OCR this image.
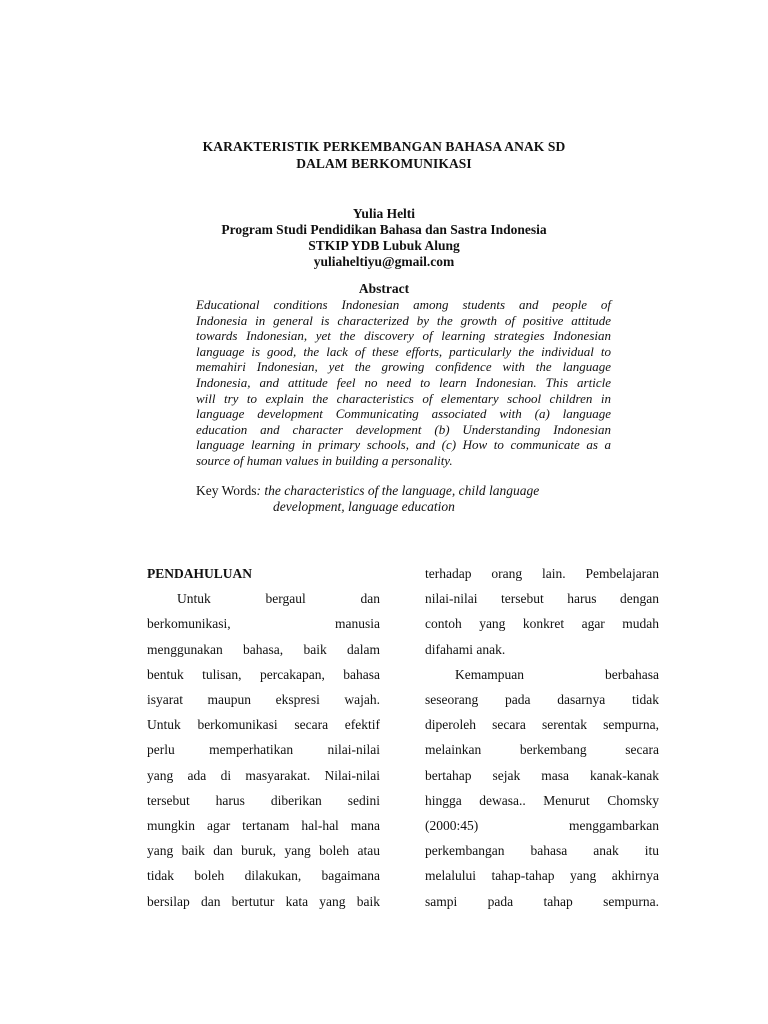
KARAKTERISTIK PERKEMBANGAN BAHASA ANAK SD
DALAM BERKOMUNIKASI
Yulia Helti
Program Studi Pendidikan Bahasa dan Sastra Indonesia
STKIP YDB Lubuk Alung
yuliaheltiyu@gmail.com
Abstract
Educational conditions Indonesian among students and people of
Indonesia in general is characterized by the growth of positive attitude
towards Indonesian, yet the discovery of learning strategies Indonesian
language is good, the lack of these efforts, particularly the individual to
memahiri Indonesian, yet the growing confidence with the language
Indonesia, and attitude feel no need to learn Indonesian. This article
will try to explain the characteristics of elementary school children in
language development Communicating associated with (a) language
education and character development (b) Understanding Indonesian
language learning in primary schools, and (c) How to communicate as a
source of human values in building a personality.
Key Words: the characteristics of the language, child language
development, language education
PENDAHULUAN
Untuk bergaul dan
berkomunikasi, manusia
menggunakan bahasa, baik dalam
bentuk tulisan, percakapan, bahasa
isyarat maupun ekspresi wajah.
Untuk berkomunikasi secara efektif
perlu memperhatikan nilai-nilai
yang ada di masyarakat. Nilai-nilai
tersebut harus diberikan sedini
mungkin agar tertanam hal-hal mana
yang baik dan buruk, yang boleh atau
tidak boleh dilakukan, bagaimana
bersilap dan bertutur kata yang baik
terhadap orang lain. Pembelajaran
nilai-nilai tersebut harus dengan
contoh yang konkret agar mudah
difahami anak.
Kemampuan berbahasa
seseorang pada dasarnya tidak
diperoleh secara serentak sempurna,
melainkan berkembang secara
bertahap sejak masa kanak-kanak
hingga dewasa.. Menurut Chomsky
(2000:45) menggambarkan
perkembangan bahasa anak itu
melalului tahap-tahap yang akhirnya
sampi pada tahap sempurna.
